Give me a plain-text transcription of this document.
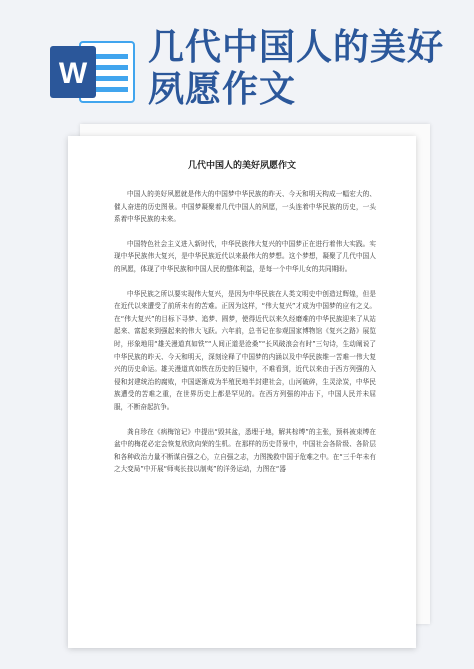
W
几代中国人的美好
夙愿作文
几代中国人的美好夙愿作文

中国人的美好夙愿就是伟大的中国梦中华民族的昨天、今天和明天构成一幅宏大的、催人奋进的历史图景。中国梦凝聚着几代中国人的夙愿，一头连着中华民族的历史，一头系着中华民族的未来。

中国特色社会主义进入新时代，中华民族伟大复兴的中国梦正在进行着伟大实践。实现中华民族伟大复兴，是中华民族近代以来最伟大的梦想。这个梦想，凝聚了几代中国人的夙愿，体现了中华民族和中国人民的整体利益，是每一个中华儿女的共同期盼。

中华民族之所以要实现伟大复兴，是因为中华民族在人类文明史中创造过辉煌，但是在近代以来遭受了前所未有的苦难。正因为这样，“伟大复兴”才成为中国梦的应有之义。在“伟大复兴”的目标下寻梦、追梦、圆梦，使得近代以来久经磨难的中华民族迎来了从站起来、富起来到强起来的伟大飞跃。六年前，总书记在参观国家博物馆《复兴之路》展览时，形象地用“雄关漫道真如铁”“人间正道是沧桑”“长风破浪会有时”三句诗，生动阐说了中华民族的昨天、今天和明天，深刻诠释了中国梦的内涵以及中华民族维一苦难一伟大复兴的历史命运。雄关漫道真如铁在历史的巨镜中，不难看到，近代以来由于西方列强的入侵和封建统治的腐败，中国逐渐成为半殖民地半封建社会，山河破碎，生灵涂炭，中华民族遭受的苦难之重，在世界历史上都是罕见的。在西方列强的冲击下，中国人民并未屈服，不断奋起抗争。

龚自珍在《病梅馆记》中提出“毁其盆，悉埋于地，解其棕缚”的主张，预料被束缚在盆中的梅花必定会恢复欣欣向荣的生机。在那样的历史背景中，中国社会各阶级、各阶层和各种政治力量不断谋自强之心，立自强之志，力图挽救中国于危难之中。在“三千年未有之大变局”中开展“师夷长技以制夷”的洋务运动，力图在“器
